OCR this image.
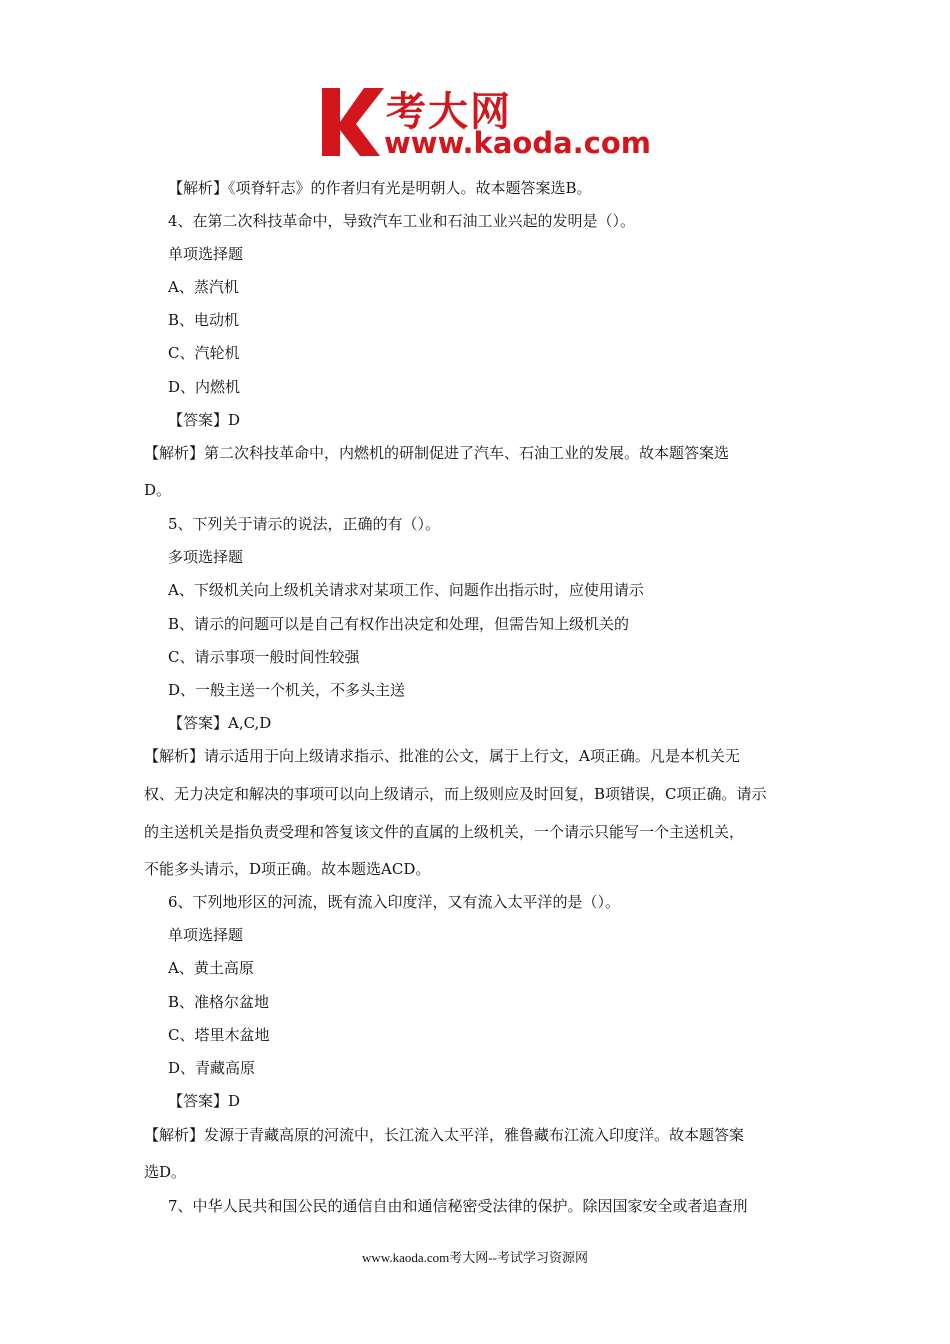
考大网
www.kaoda.com
【解析】《项脊轩志》的作者归有光是明朝人。故本题答案选B。
4、在第二次科技革命中，导致汽车工业和石油工业兴起的发明是（）。
单项选择题
A、蒸汽机
B、电动机
C、汽轮机
D、内燃机
【答案】D
【解析】第二次科技革命中，内燃机的研制促进了汽车、石油工业的发展。故本题答案选
D。
5、下列关于请示的说法，正确的有（）。
多项选择题
A、下级机关向上级机关请求对某项工作、问题作出指示时，应使用请示
B、请示的问题可以是自己有权作出决定和处理，但需告知上级机关的
C、请示事项一般时间性较强
D、一般主送一个机关，不多头主送
【答案】A,C,D
【解析】请示适用于向上级请求指示、批准的公文，属于上行文，A项正确。凡是本机关无
权、无力决定和解决的事项可以向上级请示，而上级则应及时回复，B项错误，C项正确。请示
的主送机关是指负责受理和答复该文件的直属的上级机关，一个请示只能写一个主送机关，
不能多头请示，D项正确。故本题选ACD。
6、下列地形区的河流，既有流入印度洋，又有流入太平洋的是（）。
单项选择题
A、黄土高原
B、准格尔盆地
C、塔里木盆地
D、青藏高原
【答案】D
【解析】发源于青藏高原的河流中，长江流入太平洋，雅鲁藏布江流入印度洋。故本题答案
选D。
7、中华人民共和国公民的通信自由和通信秘密受法律的保护。除因国家安全或者追查刑
www.kaoda.com考大网--考试学习资源网
